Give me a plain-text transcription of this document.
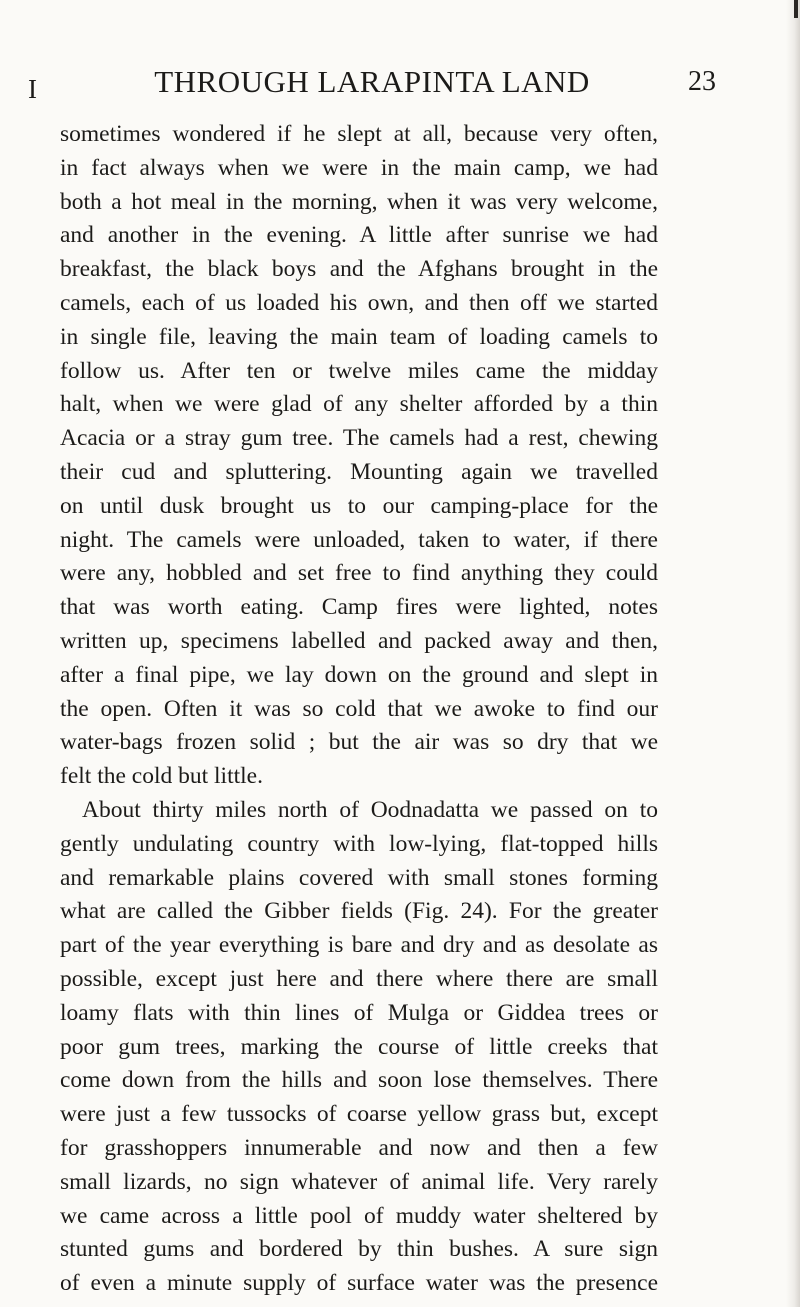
I	THROUGH LARAPINTA LAND	23
sometimes wondered if he slept at all, because very often,
in fact always when we were in the main camp, we had
both a hot meal in the morning, when it was very welcome,
and another in the evening. A little after sunrise we had
breakfast, the black boys and the Afghans brought in the
camels, each of us loaded his own, and then off we started
in single file, leaving the main team of loading camels to
follow us. After ten or twelve miles came the midday
halt, when we were glad of any shelter afforded by a thin
Acacia or a stray gum tree. The camels had a rest, chewing
their cud and spluttering. Mounting again we travelled
on until dusk brought us to our camping-place for the
night. The camels were unloaded, taken to water, if there
were any, hobbled and set free to find anything they could
that was worth eating. Camp fires were lighted, notes
written up, specimens labelled and packed away and then,
after a final pipe, we lay down on the ground and slept in
the open. Often it was so cold that we awoke to find our
water-bags frozen solid ; but the air was so dry that we
felt the cold but little.
About thirty miles north of Oodnadatta we passed on to
gently undulating country with low-lying, flat-topped hills
and remarkable plains covered with small stones forming
what are called the Gibber fields (Fig. 24). For the greater
part of the year everything is bare and dry and as desolate as
possible, except just here and there where there are small
loamy flats with thin lines of Mulga or Giddea trees or
poor gum trees, marking the course of little creeks that
come down from the hills and soon lose themselves. There
were just a few tussocks of coarse yellow grass but, except
for grasshoppers innumerable and now and then a few
small lizards, no sign whatever of animal life. Very rarely
we came across a little pool of muddy water sheltered by
stunted gums and bordered by thin bushes. A sure sign
of even a minute supply of surface water was the presence
